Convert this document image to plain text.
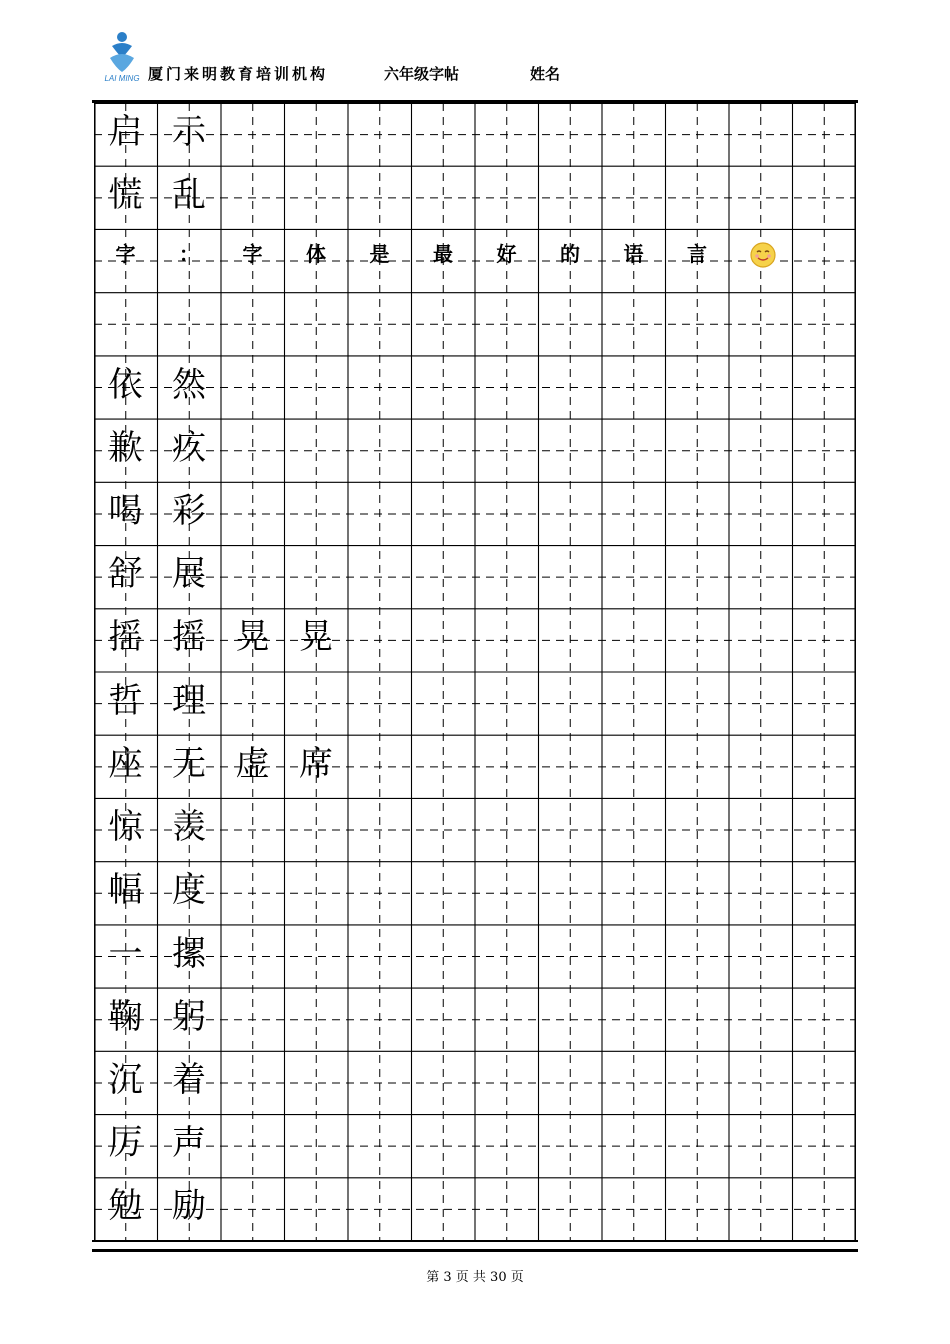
LAI MING 厦门来明教育培训机构	六年级字帖	姓名
启 示
慌 乱
字	：	字	体	是	最	好	的	语	言
依 然
歉 疚
喝 彩
舒 展
摇 摇 晃 晃
哲 理
座 无 虚 席
惊 羡
幅 度
一 摞
鞠 躬
沉 着
厉 声
勉 励
第 3 页 共 30 页
